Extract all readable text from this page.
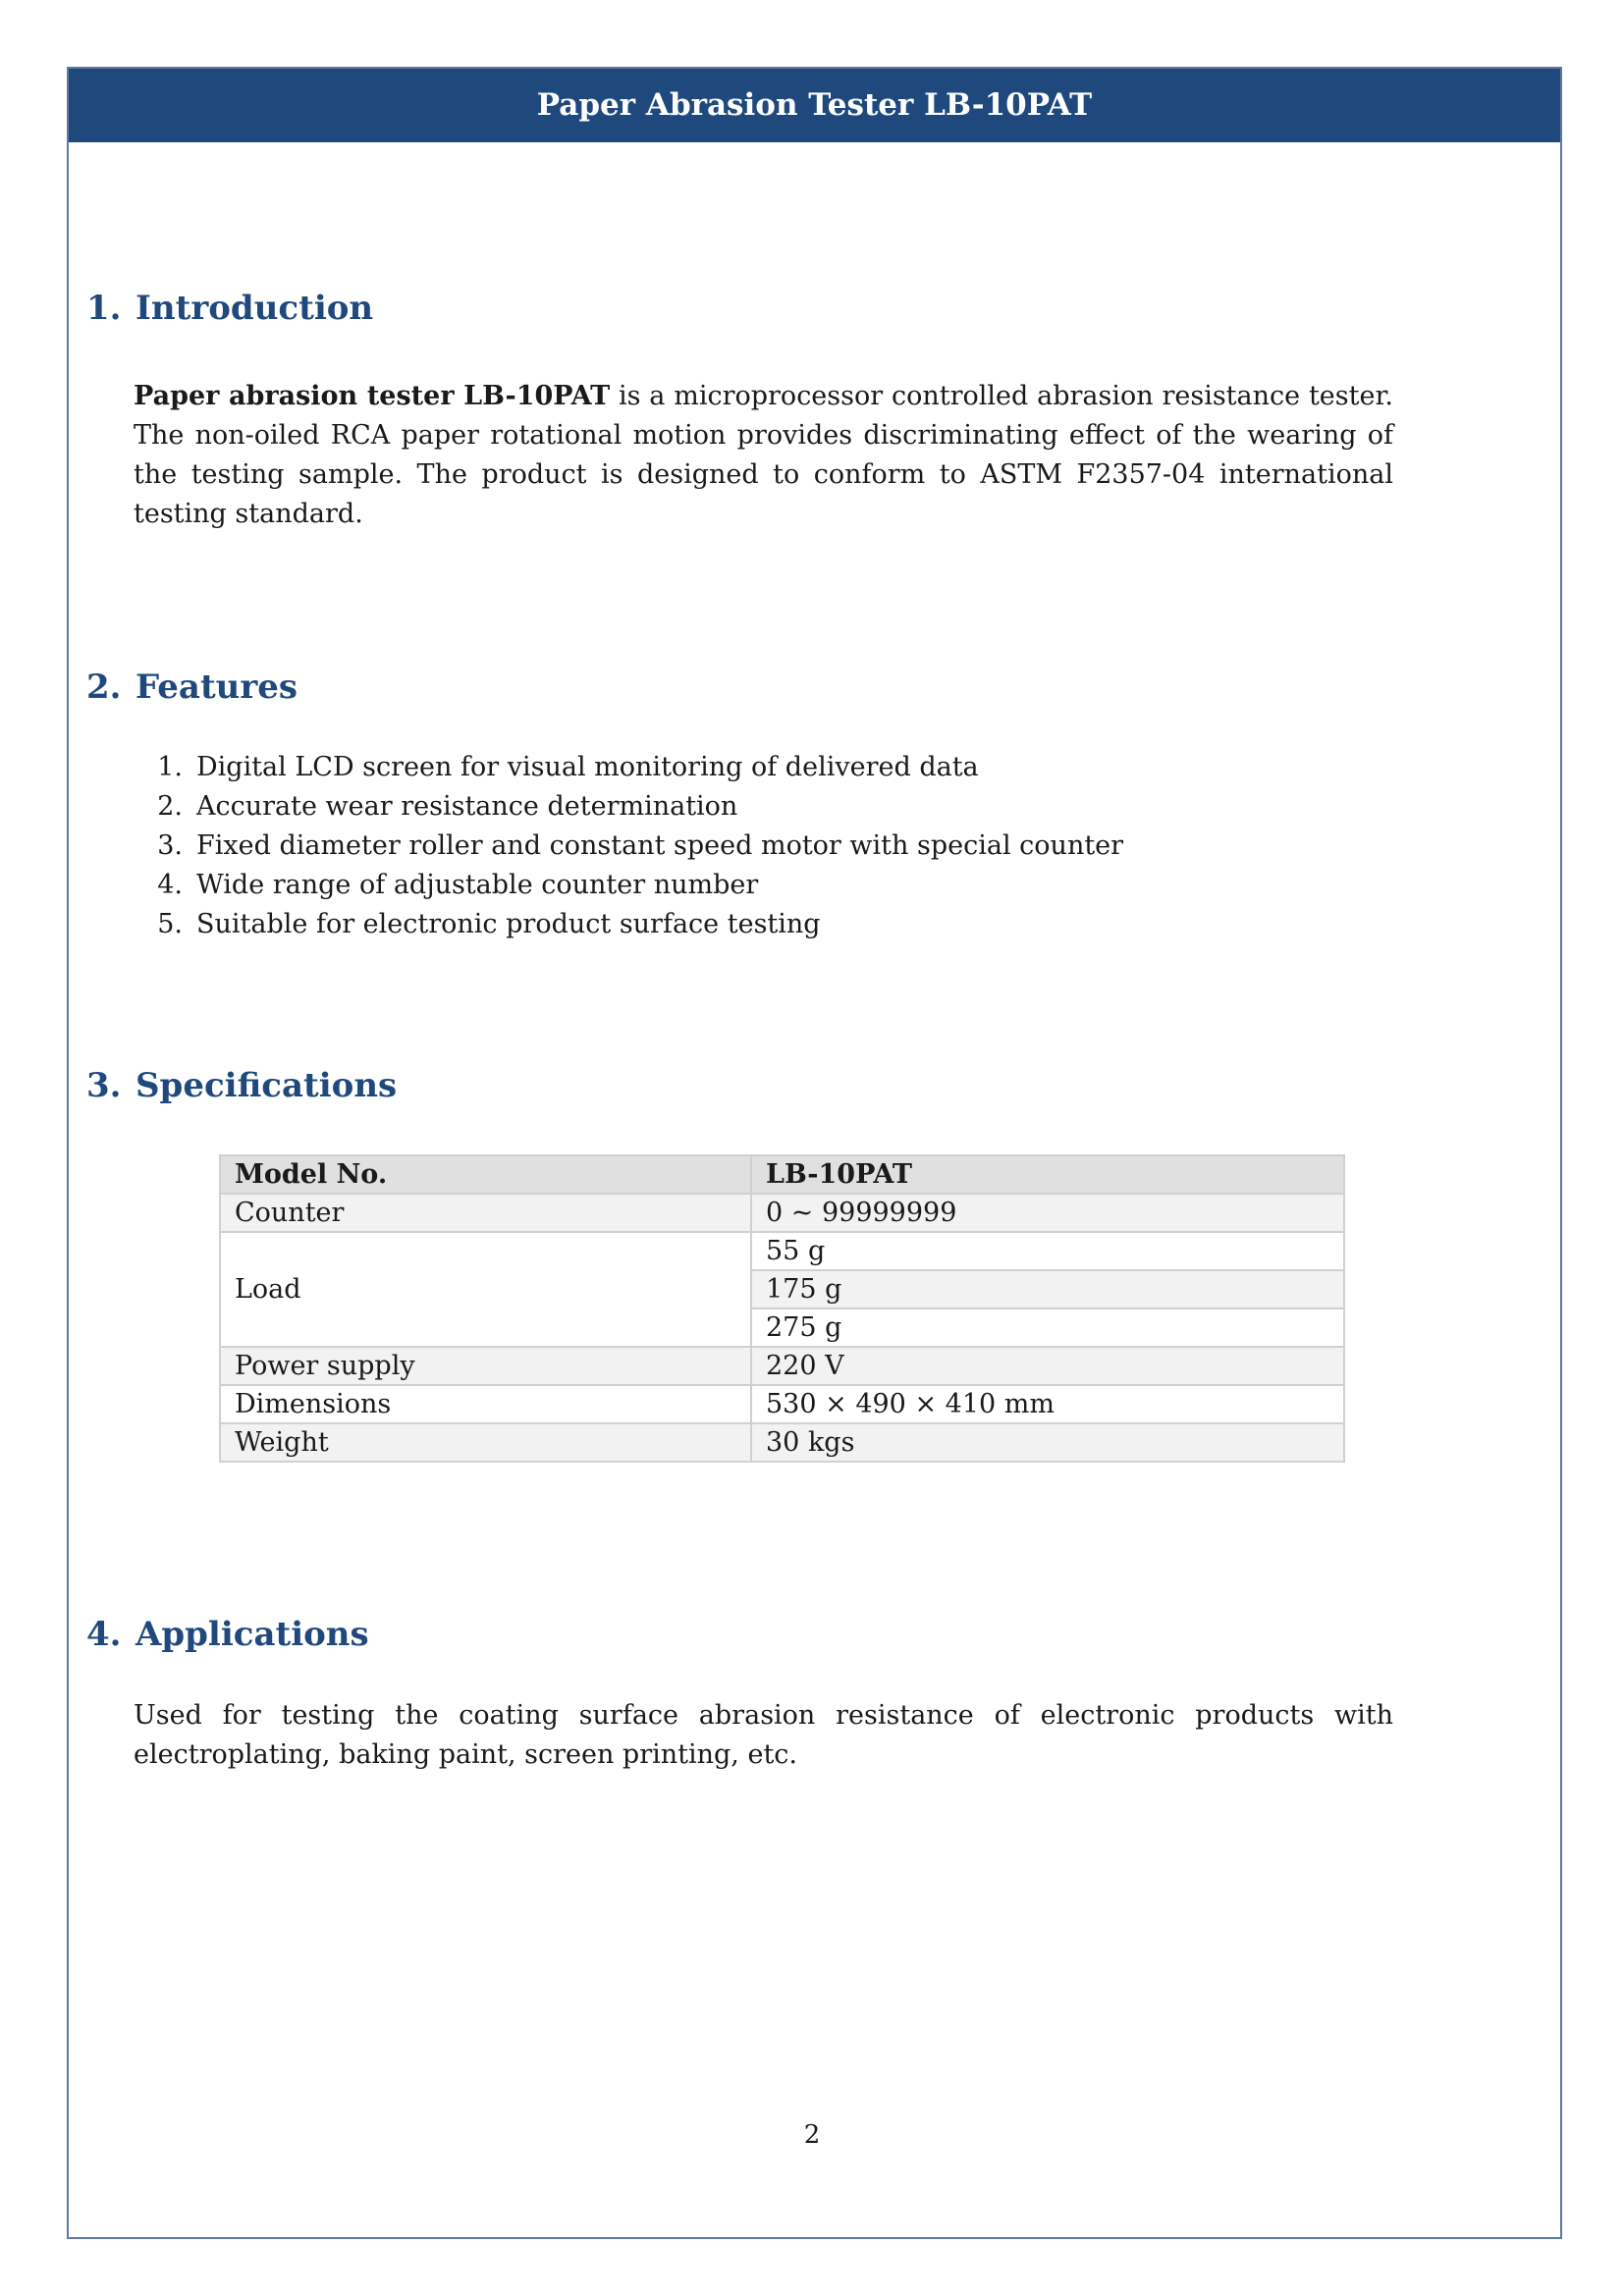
Paper Abrasion Tester LB-10PAT
1. Introduction

Paper abrasion tester LB-10PAT is a microprocessor controlled abrasion resistance tester. The non-oiled RCA paper rotational motion provides discriminating effect of the wearing of the testing sample. The product is designed to conform to ASTM F2357-04 international testing standard.

2. Features
1. Digital LCD screen for visual monitoring of delivered data
2. Accurate wear resistance determination
3. Fixed diameter roller and constant speed motor with special counter
4. Wide range of adjustable counter number
5. Suitable for electronic product surface testing
3. Specifications
Model No.	LB-10PAT
Counter	0 ~ 99999999
Load	55 g
	175 g
	275 g
Power supply	220 V
Dimensions	530 × 490 × 410 mm
Weight	30 kgs
4. Applications

Used for testing the coating surface abrasion resistance of electronic products with electroplating, baking paint, screen printing, etc.

2
